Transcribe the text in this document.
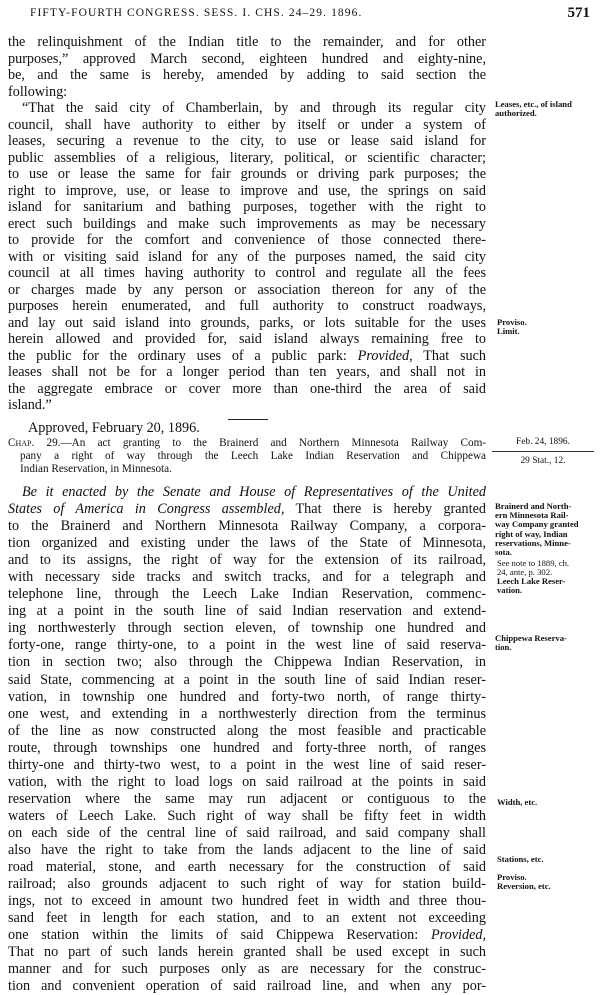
FIFTY-FOURTH CONGRESS. SESS. I. CHS. 24–29. 1896.	571
the relinquishment of the Indian title to the remainder, and for other
purposes,” approved March second, eighteen hundred and eighty-nine,
be, and the same is hereby, amended by adding to said section the
following:
“That the said city of Chamberlain, by and through its regular city
council, shall have authority to either by itself or under a system of
leases, securing a revenue to the city, to use or lease said island for
public assemblies of a religious, literary, political, or scientific character;
to use or lease the same for fair grounds or driving park purposes; the
right to improve, use, or lease to improve and use, the springs on said
island for sanitarium and bathing purposes, together with the right to
erect such buildings and make such improvements as may be necessary
to provide for the comfort and convenience of those connected there-
with or visiting said island for any of the purposes named, the said city
council at all times having authority to control and regulate all the fees
or charges made by any person or association thereon for any of the
purposes herein enumerated, and full authority to construct roadways,
and lay out said island into grounds, parks, or lots suitable for the uses
herein allowed and provided for, said island always remaining free to
the public for the ordinary uses of a public park: Provided, That such
leases shall not be for a longer period than ten years, and shall not in
the aggregate embrace or cover more than one-third the area of said
island.”
Approved, February 20, 1896.
Chap. 29.—An act granting to the Brainerd and Northern Minnesota Railway Com-
pany a right of way through the Leech Lake Indian Reservation and Chippewa
Indian Reservation, in Minnesota.
Be it enacted by the Senate and House of Representatives of the United
States of America in Congress assembled, That there is hereby granted
to the Brainerd and Northern Minnesota Railway Company, a corpora-
tion organized and existing under the laws of the State of Minnesota,
and to its assigns, the right of way for the extension of its railroad,
with necessary side tracks and switch tracks, and for a telegraph and
telephone line, through the Leech Lake Indian Reservation, commenc-
ing at a point in the south line of said Indian reservation and extend-
ing northwesterly through section eleven, of township one hundred and
forty-one, range thirty-one, to a point in the west line of said reserva-
tion in section two; also through the Chippewa Indian Reservation, in
said State, commencing at a point in the south line of said Indian reser-
vation, in township one hundred and forty-two north, of range thirty-
one west, and extending in a northwesterly direction from the terminus
of the line as now constructed along the most feasible and practicable
route, through townships one hundred and forty-three north, of ranges
thirty-one and thirty-two west, to a point in the west line of said reser-
vation, with the right to load logs on said railroad at the points in said
reservation where the same may run adjacent or contiguous to the
waters of Leech Lake. Such right of way shall be fifty feet in width
on each side of the central line of said railroad, and said company shall
also have the right to take from the lands adjacent to the line of said
road material, stone, and earth necessary for the construction of said
railroad; also grounds adjacent to such right of way for station build-
ings, not to exceed in amount two hundred feet in width and three thou-
sand feet in length for each station, and to an extent not exceeding
one station within the limits of said Chippewa Reservation: Provided,
That no part of such lands herein granted shall be used except in such
manner and for such purposes only as are necessary for the construc-
tion and convenient operation of said railroad line, and when any por-
Leases, etc., of island
authorized.
Proviso.
Limit.
Feb. 24, 1896.
29 Stat., 12.
Brainerd and North-
ern Minnesota Rail-
way Company granted
right of way, Indian
reservations, Minne-
sota.
See note to 1889, ch.
24, ante, p. 302.
Leech Lake Reser-
vation.
Chippewa Reserva-
tion.
Width, etc.
Stations, etc.
Proviso.
Reversion, etc.
